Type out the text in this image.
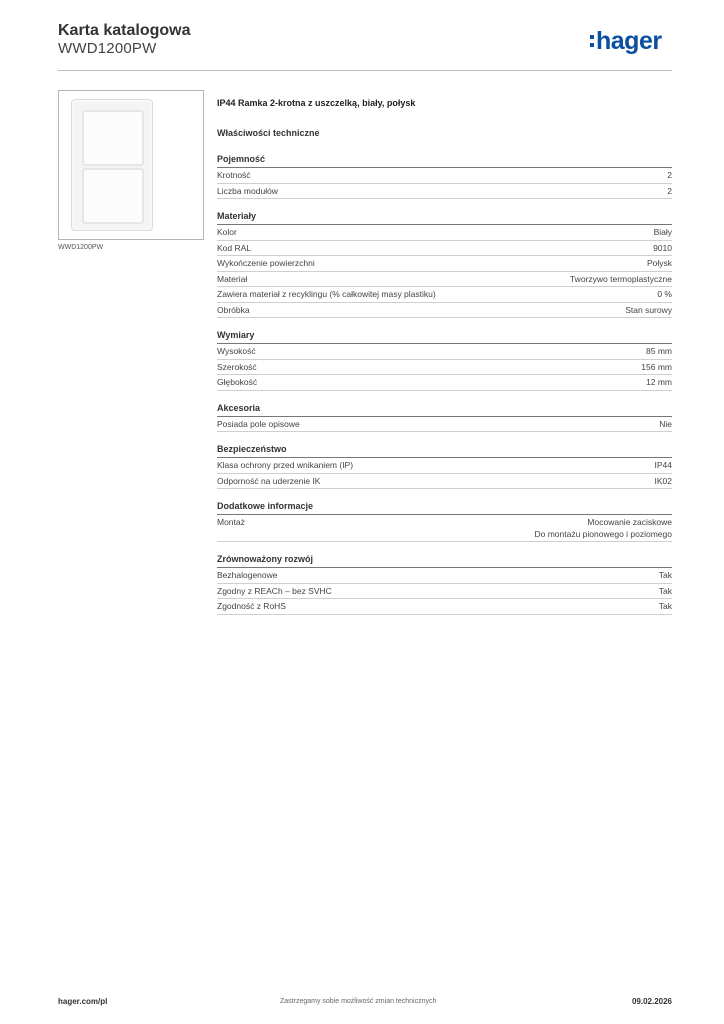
Karta katalogowa
WWD1200PW	hager
WWD1200PW
IP44 Ramka 2-krotna z uszczelką, biały, połysk
Właściwości techniczne
Pojemność
Krotność	2
Liczba modułów	2
Materiały
Kolor	Biały
Kod RAL	9010
Wykończenie powierzchni	Połysk
Materiał	Tworzywo termoplastyczne
Zawiera materiał z recyklingu (% całkowitej masy plastiku)	0 %
Obróbka	Stan surowy
Wymiary
Wysokość	85 mm
Szerokość	156 mm
Głębokość	12 mm
Akcesoria
Posiada pole opisowe	Nie
Bezpieczeństwo
Klasa ochrony przed wnikaniem (IP)	IP44
Odporność na uderzenie IK	IK02
Dodatkowe informacje
Montaż	Mocowanie zaciskowe
Do montażu pionowego i poziomego
Zrównoważony rozwój
Bezhalogenowe	Tak
Zgodny z REACh – bez SVHC	Tak
Zgodność z RoHS	Tak
hager.com/pl	Zastrzegamy sobie możliwość zmian technicznych	09.02.2026
